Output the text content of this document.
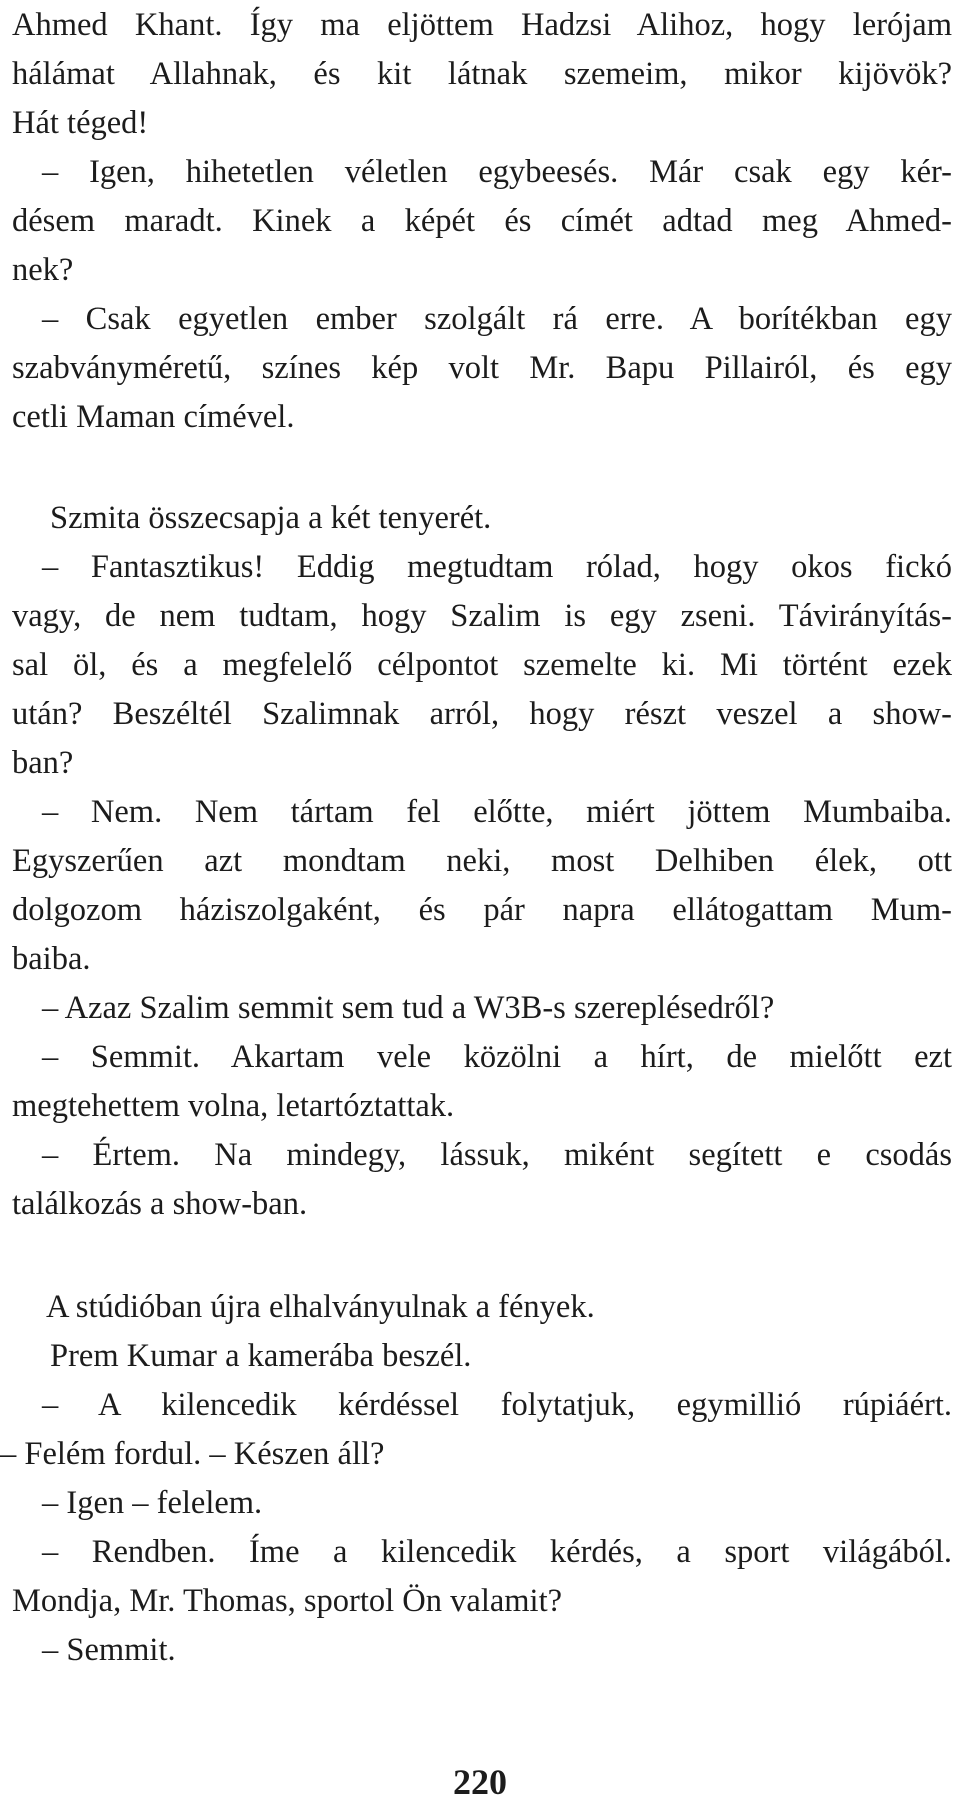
Ahmed Khant. Így ma eljöttem Hadzsi Alihoz, hogy lerójam
hálámat Allahnak, és kit látnak szemeim, mikor kijövök?
Hát téged!
– Igen, hihetetlen véletlen egybeesés. Már csak egy kér-
désem maradt. Kinek a képét és címét adtad meg Ahmed-
nek?
– Csak egyetlen ember szolgált rá erre. A borítékban egy
szabványméretű, színes kép volt Mr. Bapu Pillairól, és egy
cetli Maman címével.
Szmita összecsapja a két tenyerét.
– Fantasztikus! Eddig megtudtam rólad, hogy okos fickó
vagy, de nem tudtam, hogy Szalim is egy zseni. Távirányítás-
sal öl, és a megfelelő célpontot szemelte ki. Mi történt ezek
után? Beszéltél Szalimnak arról, hogy részt veszel a show-
ban?
– Nem. Nem tártam fel előtte, miért jöttem Mumbaiba.
Egyszerűen azt mondtam neki, most Delhiben élek, ott
dolgozom háziszolgaként, és pár napra ellátogattam Mum-
baiba.
– Azaz Szalim semmit sem tud a W3B-s szereplésedről?
– Semmit. Akartam vele közölni a hírt, de mielőtt ezt
megtehettem volna, letartóztattak.
– Értem. Na mindegy, lássuk, miként segített e csodás
találkozás a show-ban.
A stúdióban újra elhalványulnak a fények.
Prem Kumar a kamerába beszél.
– A kilencedik kérdéssel folytatjuk, egymillió rúpiáért.
– Felém fordul. – Készen áll?
– Igen – felelem.
– Rendben. Íme a kilencedik kérdés, a sport világából.
Mondja, Mr. Thomas, sportol Ön valamit?
– Semmit.
220
